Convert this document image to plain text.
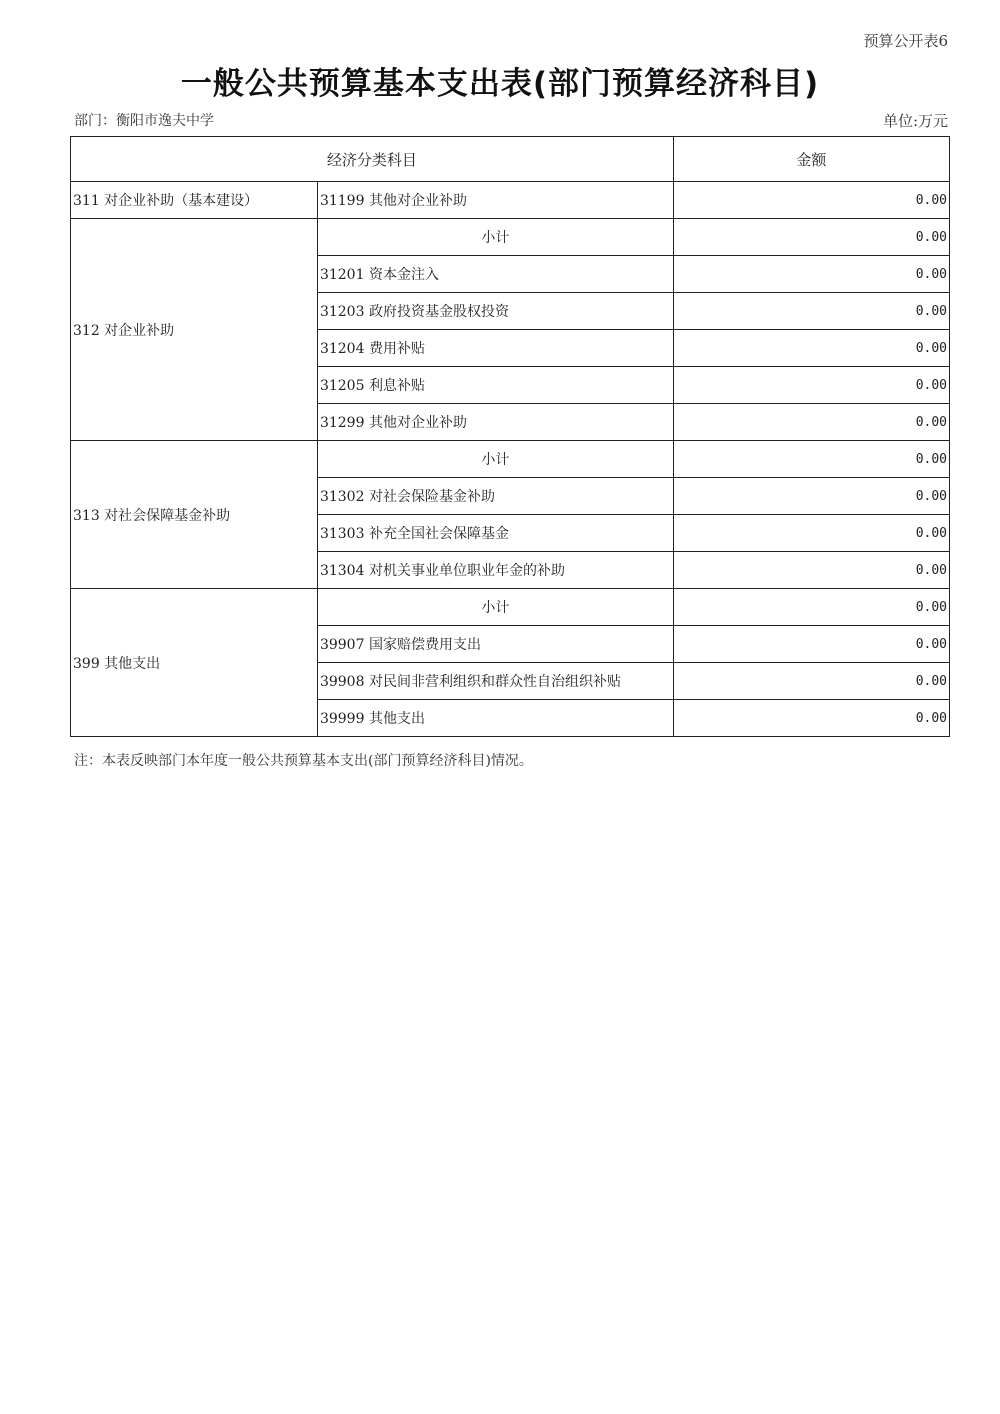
预算公开表6
一般公共预算基本支出表(部门预算经济科目)
部门：衡阳市逸夫中学	单位:万元
经济分类科目		金额
311 对企业补助（基本建设）	31199 其他对企业补助	0.00
312 对企业补助	小计	0.00
	31201 资本金注入	0.00
	31203 政府投资基金股权投资	0.00
	31204 费用补贴	0.00
	31205 利息补贴	0.00
	31299 其他对企业补助	0.00
313 对社会保障基金补助	小计	0.00
	31302 对社会保险基金补助	0.00
	31303 补充全国社会保障基金	0.00
	31304 对机关事业单位职业年金的补助	0.00
399 其他支出	小计	0.00
	39907 国家赔偿费用支出	0.00
	39908 对民间非营利组织和群众性自治组织补贴	0.00
	39999 其他支出	0.00
注：本表反映部门本年度一般公共预算基本支出(部门预算经济科目)情况。
